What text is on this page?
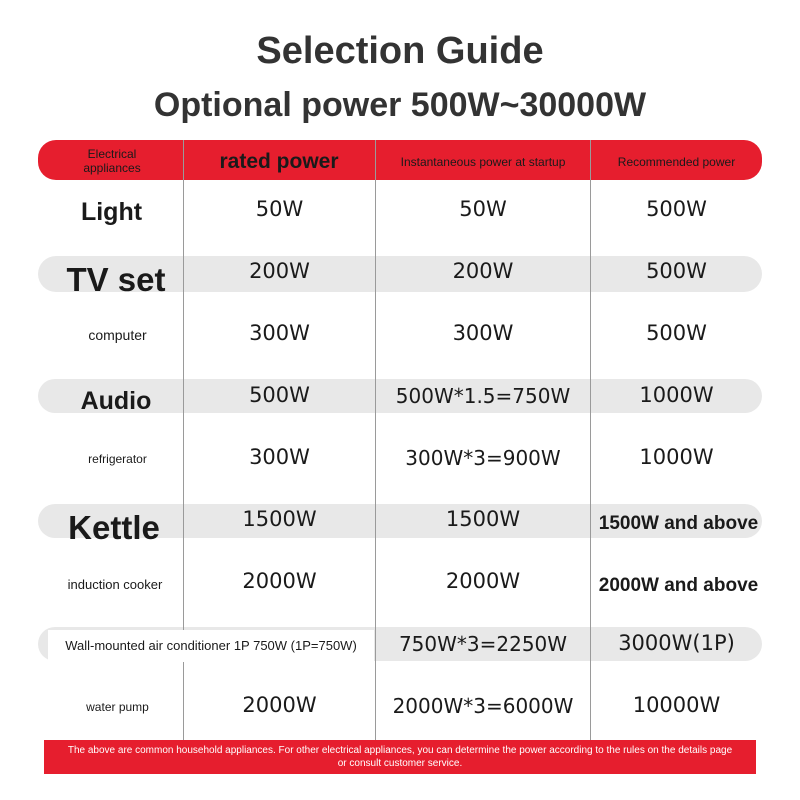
Selection Guide
Optional power 500W~30000W
Electrical appliances	rated power	Instantaneous power at startup	Recommended power
Light	50W	50W	500W
TV set	200W	200W	500W
computer	300W	300W	500W
Audio	500W	500W*1.5=750W	1000W
refrigerator	300W	300W*3=900W	1000W
Kettle	1500W	1500W	1500W and above
induction cooker	2000W	2000W	2000W and above
Wall-mounted air conditioner 1P 750W (1P=750W)	750W*3=2250W	3000W(1P)
water pump	2000W	2000W*3=6000W	10000W
The above are common household appliances. For other electrical appliances, you can determine the power according to the rules on the details page or consult customer service.
